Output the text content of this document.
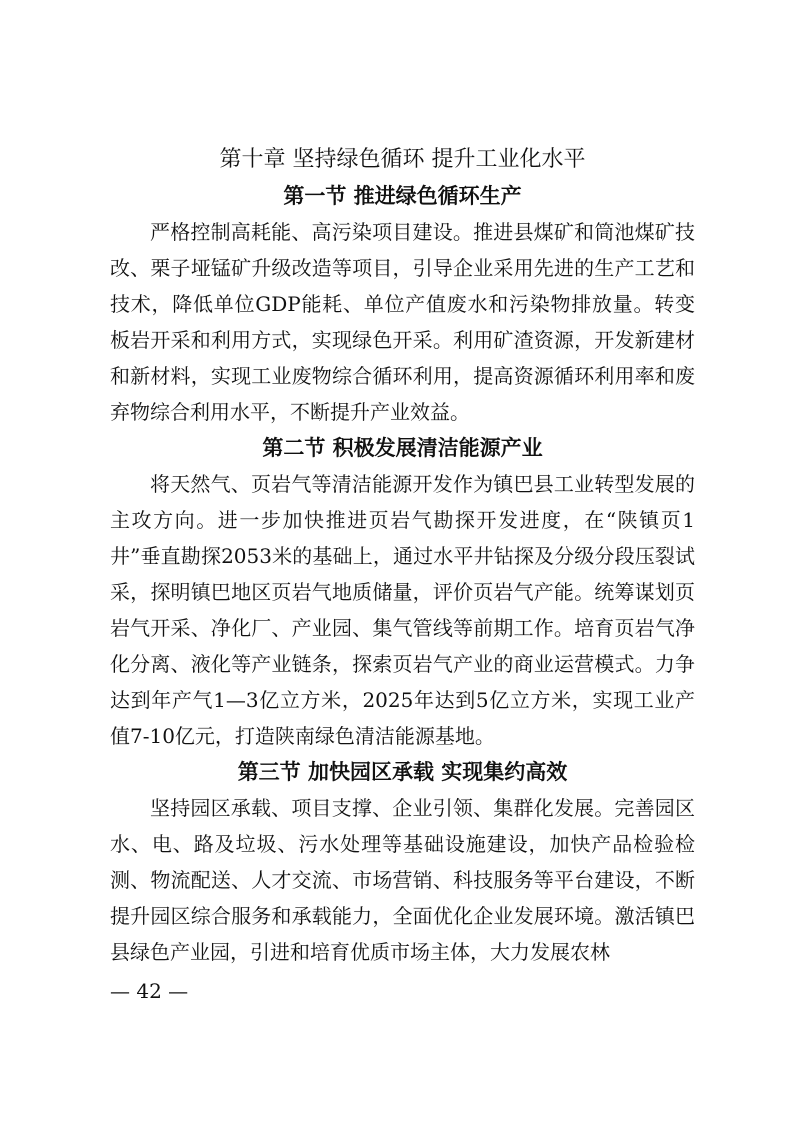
第十章 坚持绿色循环 提升工业化水平
第一节 推进绿色循环生产

严格控制高耗能、高污染项目建设。推进县煤矿和筒池煤矿技改、栗子垭锰矿升级改造等项目，引导企业采用先进的生产工艺和技术，降低单位GDP能耗、单位产值废水和污染物排放量。转变板岩开采和利用方式，实现绿色开采。利用矿渣资源，开发新建材和新材料，实现工业废物综合循环利用，提高资源循环利用率和废弃物综合利用水平，不断提升产业效益。

第二节 积极发展清洁能源产业

将天然气、页岩气等清洁能源开发作为镇巴县工业转型发展的主攻方向。进一步加快推进页岩气勘探开发进度，在“陕镇页1井”垂直勘探2053米的基础上，通过水平井钻探及分级分段压裂试采，探明镇巴地区页岩气地质储量，评价页岩气产能。统筹谋划页岩气开采、净化厂、产业园、集气管线等前期工作。培育页岩气净化分离、液化等产业链条，探索页岩气产业的商业运营模式。力争达到年产气1—3亿立方米，2025年达到5亿立方米，实现工业产值7-10亿元，打造陕南绿色清洁能源基地。

第三节 加快园区承载 实现集约高效

坚持园区承载、项目支撑、企业引领、集群化发展。完善园区水、电、路及垃圾、污水处理等基础设施建设，加快产品检验检测、物流配送、人才交流、市场营销、科技服务等平台建设，不断提升园区综合服务和承载能力，全面优化企业发展环境。激活镇巴县绿色产业园，引进和培育优质市场主体，大力发展农林

— 42 —
